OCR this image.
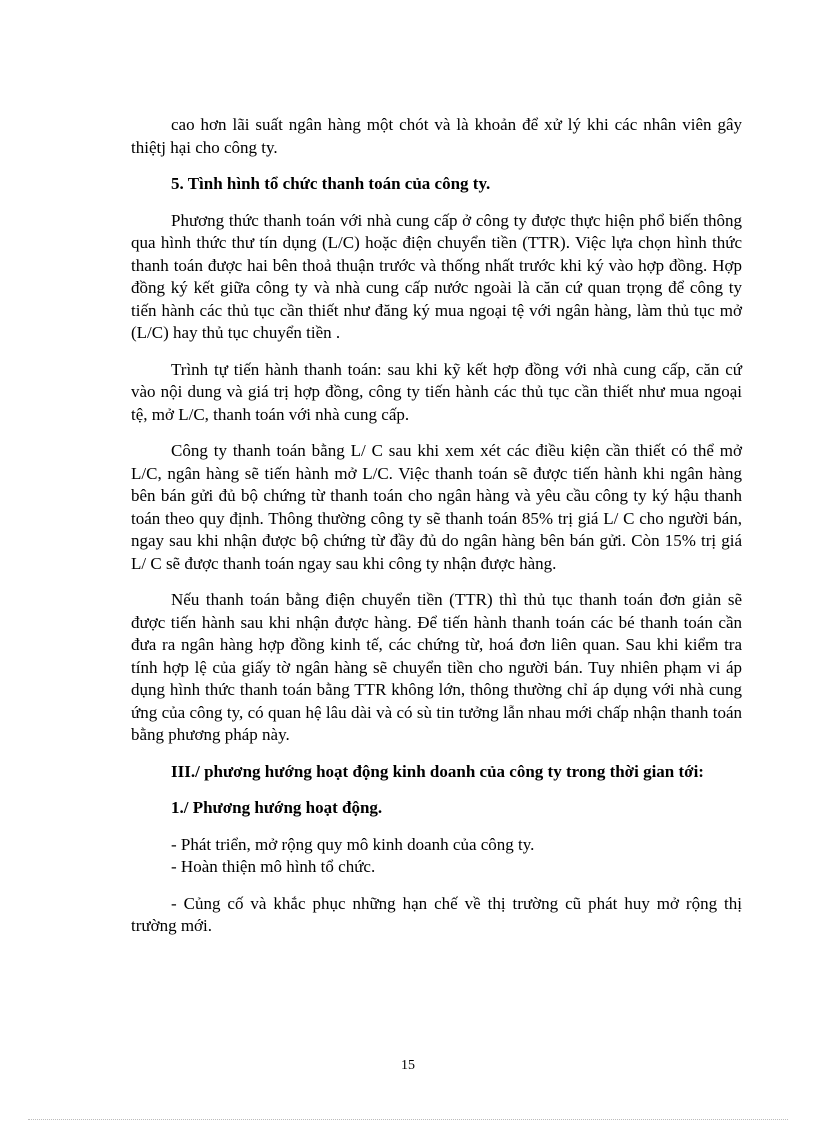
cao hơn lãi suất ngân hàng một chót và là khoản để xử lý khi các nhân viên gây thiệtj hại cho công ty.

5. Tình hình tổ chức thanh toán của công ty.

Phương thức thanh toán với nhà cung cấp ở công ty được thực hiện phổ biến thông qua hình thức thư tín dụng (L/C) hoặc điện chuyển tiền (TTR). Việc lựa chọn hình thức thanh toán được hai bên thoả thuận trước và thống nhất trước khi ký vào hợp đồng. Hợp đồng ký kết giữa công ty và nhà cung cấp nước ngoài là căn cứ quan trọng để công ty tiến hành các thủ tục cần thiết như đăng ký mua ngoại tệ với ngân hàng, làm thủ tục mở (L/C) hay thủ tục chuyển tiền .

Trình tự tiến hành thanh toán: sau khi kỹ kết hợp đồng với nhà cung cấp, căn cứ vào nội dung và giá trị hợp đồng, công ty tiến hành các thủ tục cần thiết như mua ngoại tệ, mở L/C, thanh toán với nhà cung cấp.

Công ty thanh toán bằng L/ C sau khi xem xét các điều kiện cần thiết có thể mở L/C, ngân hàng sẽ tiến hành mở L/C. Việc thanh toán sẽ được tiến hành khi ngân hàng bên bán gửi đủ bộ chứng từ thanh toán cho ngân hàng và yêu cầu công ty ký hậu thanh toán theo quy định. Thông thường công ty sẽ thanh toán 85% trị giá L/ C cho người bán, ngay sau khi nhận được bộ chứng từ đầy đủ do ngân hàng bên bán gửi. Còn 15% trị giá L/ C sẽ được thanh toán ngay sau khi công ty nhận được hàng.

Nếu thanh toán bằng điện chuyển tiền (TTR) thì thủ tục thanh toán đơn giản sẽ được tiến hành sau khi nhận được hàng. Để tiến hành thanh toán các bé thanh toán cần đưa ra ngân hàng hợp đồng kinh tế, các chứng từ, hoá đơn liên quan. Sau khi kiểm tra tính hợp lệ của giấy tờ ngân hàng sẽ chuyển tiền cho người bán. Tuy nhiên phạm vi áp dụng hình thức thanh toán bằng TTR không lớn, thông thường chỉ áp dụng với nhà cung ứng của công ty, có quan hệ lâu dài và có sù tin tưởng lẫn nhau mới chấp nhận thanh toán bằng phương pháp này.

III./ phương hướng hoạt động kinh doanh của công ty trong thời gian tới:

1./ Phương hướng hoạt động.

- Phát triển, mở rộng quy mô kinh doanh của công ty.

- Hoàn thiện mô hình tổ chức.

- Củng cố và khắc phục những hạn chế về thị trường cũ phát huy mở rộng thị trường mới.

15
